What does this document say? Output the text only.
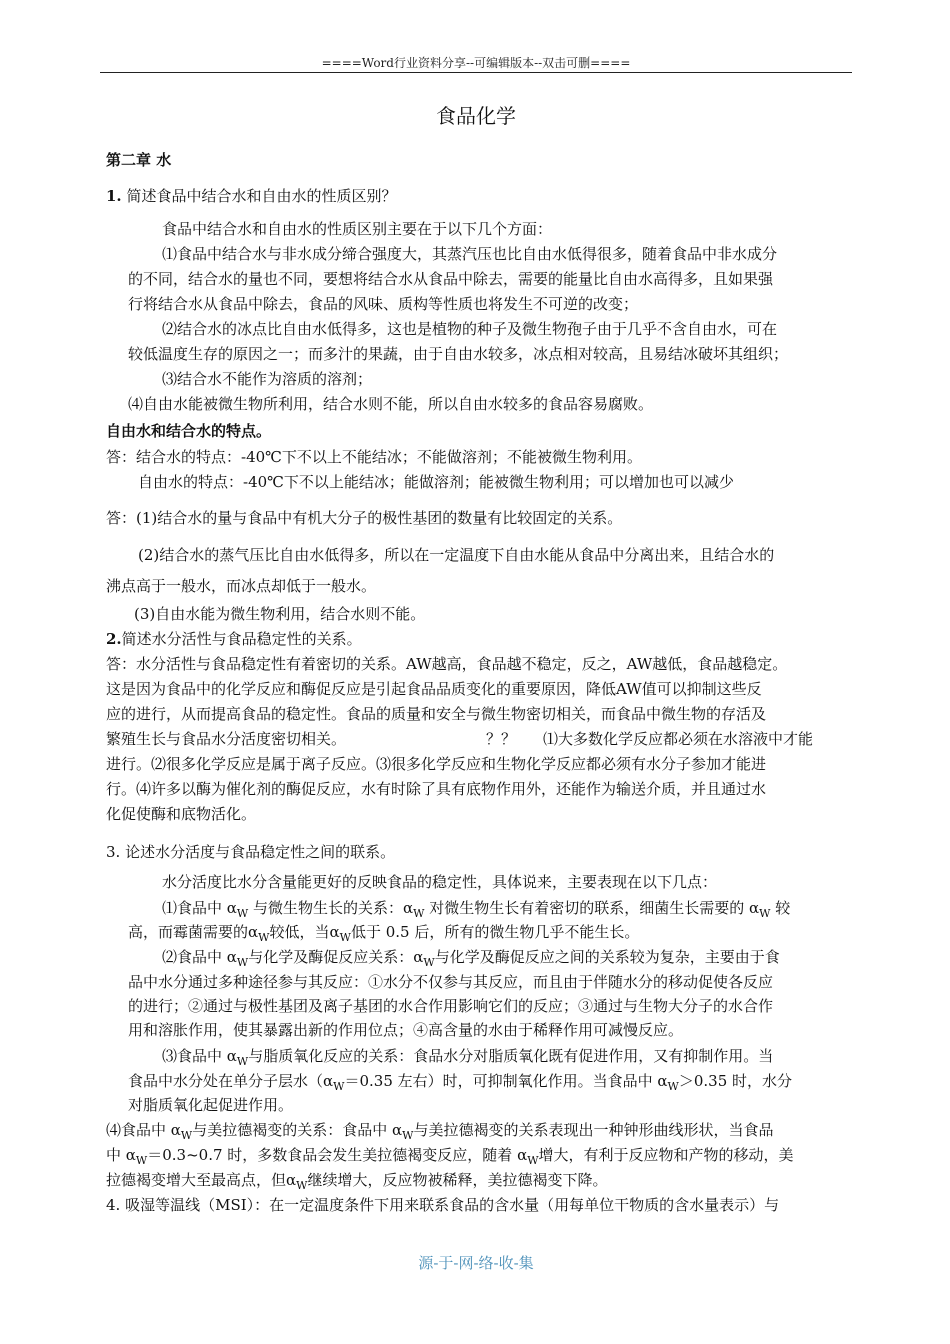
====Word行业资料分享--可编辑版本--双击可删====
食品化学
第二章 水
1. 简述食品中结合水和自由水的性质区别？
食品中结合水和自由水的性质区别主要在于以下几个方面：
⑴食品中结合水与非水成分缔合强度大，其蒸汽压也比自由水低得很多，随着食品中非水成分
的不同，结合水的量也不同，要想将结合水从食品中除去，需要的能量比自由水高得多，且如果强
行将结合水从食品中除去，食品的风味、质构等性质也将发生不可逆的改变；
⑵结合水的冰点比自由水低得多，这也是植物的种子及微生物孢子由于几乎不含自由水，可在
较低温度生存的原因之一；而多汁的果蔬，由于自由水较多，冰点相对较高，且易结冰破坏其组织；
⑶结合水不能作为溶质的溶剂；
⑷自由水能被微生物所利用，结合水则不能，所以自由水较多的食品容易腐败。
自由水和结合水的特点。
答：结合水的特点：-40℃下不以上不能结冰；不能做溶剂；不能被微生物利用。
自由水的特点：-40℃下不以上能结冰；能做溶剂；能被微生物利用；可以增加也可以减少
答：(1)结合水的量与食品中有机大分子的极性基团的数量有比较固定的关系。
(2)结合水的蒸气压比自由水低得多，所以在一定温度下自由水能从食品中分离出来，且结合水的
沸点高于一般水，而冰点却低于一般水。
(3)自由水能为微生物利用，结合水则不能。
2.简述水分活性与食品稳定性的关系。
答：水分活性与食品稳定性有着密切的关系。AW越高，食品越不稳定，反之，AW越低，食品越稳定。
这是因为食品中的化学反应和酶促反应是引起食品品质变化的重要原因，降低AW值可以抑制这些反
应的进行，从而提高食品的稳定性。食品的质量和安全与微生物密切相关，而食品中微生物的存活及
繁殖生长与食品水分活度密切相关。	？？ ⑴大多数化学反应都必须在水溶液中才能
进行。⑵很多化学反应是属于离子反应。⑶很多化学反应和生物化学反应都必须有水分子参加才能进
行。⑷许多以酶为催化剂的酶促反应，水有时除了具有底物作用外，还能作为输送介质，并且通过水
化促使酶和底物活化。
3. 论述水分活度与食品稳定性之间的联系。
水分活度比水分含量能更好的反映食品的稳定性，具体说来，主要表现在以下几点：
⑴食品中 $\alpha_W$ 与微生物生长的关系：$\alpha_W$ 对微生物生长有着密切的联系，细菌生长需要的 $\alpha_W$ 较
高，而霉菌需要的$\alpha_W$较低，当$\alpha_W$低于 0.5 后，所有的微生物几乎不能生长。
⑵食品中 $\alpha_W$与化学及酶促反应关系：$\alpha_W$与化学及酶促反应之间的关系较为复杂，主要由于食
品中水分通过多种途径参与其反应：①水分不仅参与其反应，而且由于伴随水分的移动促使各反应
的进行；②通过与极性基团及离子基团的水合作用影响它们的反应；③通过与生物大分子的水合作
用和溶胀作用，使其暴露出新的作用位点；④高含量的水由于稀释作用可减慢反应。
⑶食品中 $\alpha_W$与脂质氧化反应的关系：食品水分对脂质氧化既有促进作用，又有抑制作用。当
食品中水分处在单分子层水（$\alpha_W=0.35$ 左右）时，可抑制氧化作用。当食品中 $\alpha_W>0.35$ 时，水分
对脂质氧化起促进作用。
⑷食品中 $\alpha_W$与美拉德褐变的关系：食品中 $\alpha_W$与美拉德褐变的关系表现出一种钟形曲线形状，当食品
中 $\alpha_W=0.3\sim 0.7$ 时，多数食品会发生美拉德褐变反应，随着 $\alpha_W$增大，有利于反应物和产物的移动，美
拉德褐变增大至最高点，但$\alpha_W$继续增大，反应物被稀释，美拉德褐变下降。
4. 吸湿等温线（MSI）：在一定温度条件下用来联系食品的含水量（用每单位干物质的含水量表示）与
源-于-网-络-收-集
